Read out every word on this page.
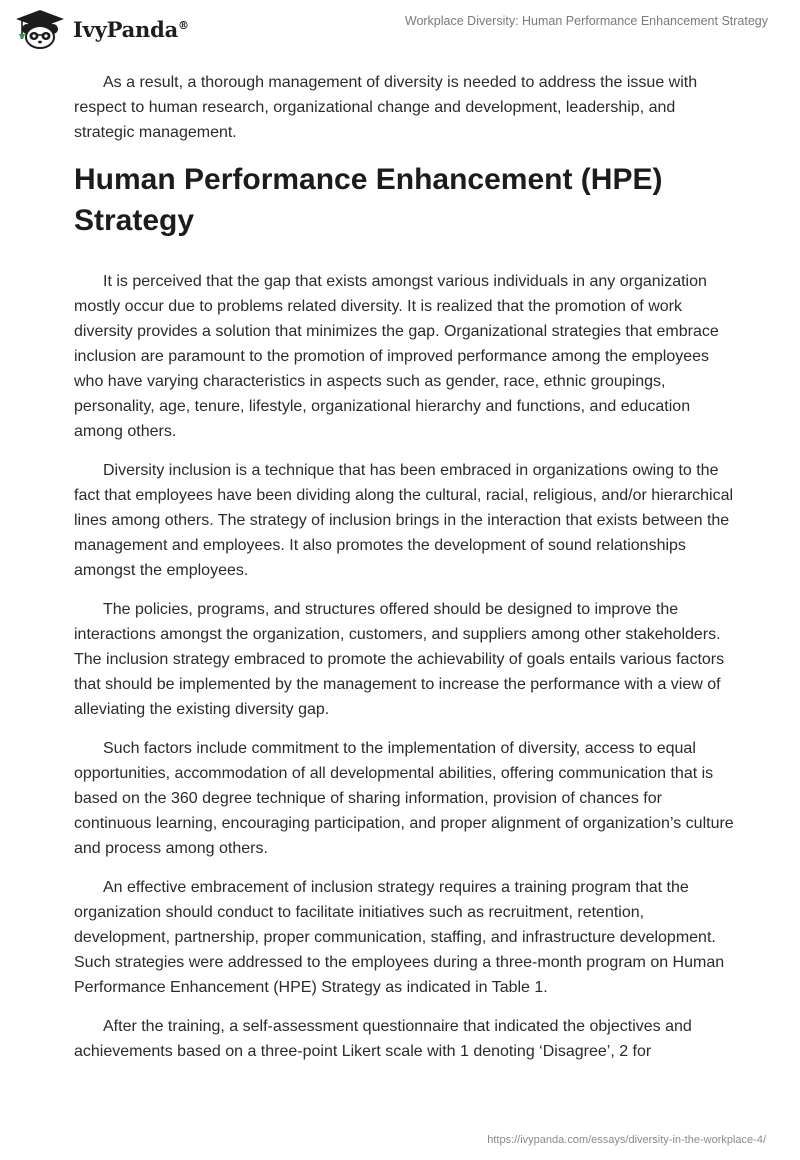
IvyPanda®	Workplace Diversity: Human Performance Enhancement Strategy

As a result, a thorough management of diversity is needed to address the issue with respect to human research, organizational change and development, leadership, and strategic management.

Human Performance Enhancement (HPE) Strategy

It is perceived that the gap that exists amongst various individuals in any organization mostly occur due to problems related diversity. It is realized that the promotion of work diversity provides a solution that minimizes the gap. Organizational strategies that embrace inclusion are paramount to the promotion of improved performance among the employees who have varying characteristics in aspects such as gender, race, ethnic groupings, personality, age, tenure, lifestyle, organizational hierarchy and functions, and education among others.

Diversity inclusion is a technique that has been embraced in organizations owing to the fact that employees have been dividing along the cultural, racial, religious, and/or hierarchical lines among others. The strategy of inclusion brings in the interaction that exists between the management and employees. It also promotes the development of sound relationships amongst the employees.

The policies, programs, and structures offered should be designed to improve the interactions amongst the organization, customers, and suppliers among other stakeholders. The inclusion strategy embraced to promote the achievability of goals entails various factors that should be implemented by the management to increase the performance with a view of alleviating the existing diversity gap.

Such factors include commitment to the implementation of diversity, access to equal opportunities, accommodation of all developmental abilities, offering communication that is based on the 360 degree technique of sharing information, provision of chances for continuous learning, encouraging participation, and proper alignment of organization’s culture and process among others.

An effective embracement of inclusion strategy requires a training program that the organization should conduct to facilitate initiatives such as recruitment, retention, development, partnership, proper communication, staffing, and infrastructure development. Such strategies were addressed to the employees during a three-month program on Human Performance Enhancement (HPE) Strategy as indicated in Table 1.

After the training, a self-assessment questionnaire that indicated the objectives and achievements based on a three-point Likert scale with 1 denoting ‘Disagree’, 2 for

https://ivypanda.com/essays/diversity-in-the-workplace-4/
